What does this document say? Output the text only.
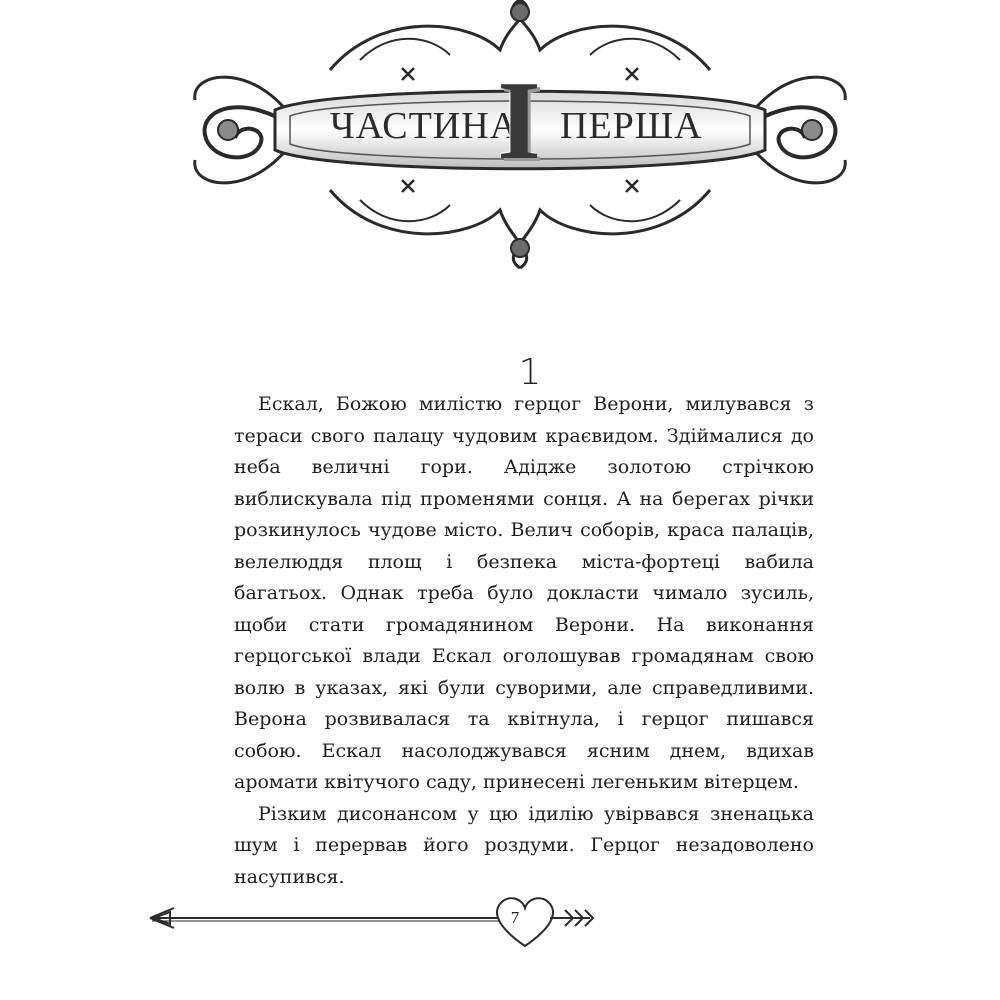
ЧАСТИНА
I ПЕРША
1

Ескал, Божою милістю герцог Верони, милувався з тераси свого палацу чудовим краєвидом. Здіймалися до неба величні гори. Адідже золотою стрічкою виблискувала під променями сонця. А на берегах річки розкинулось чудове місто. Велич соборів, краса палаців, велелюддя площ і безпека міста-фортеці вабила багатьох. Однак треба було докласти чимало зусиль, щоби стати громадянином Верони. На виконання герцогської влади Ескал оголошував громадянам свою волю в указах, які були суворими, але справедливими. Верона розвивалася та квітнула, і герцог пишався собою. Ескал насолоджувався ясним днем, вдихав аромати квітучого саду, принесені легеньким вітерцем.

Різким дисонансом у цю ідилію увірвався зненацька шум і перервав його роздуми. Герцог незадоволено насупився.

7
